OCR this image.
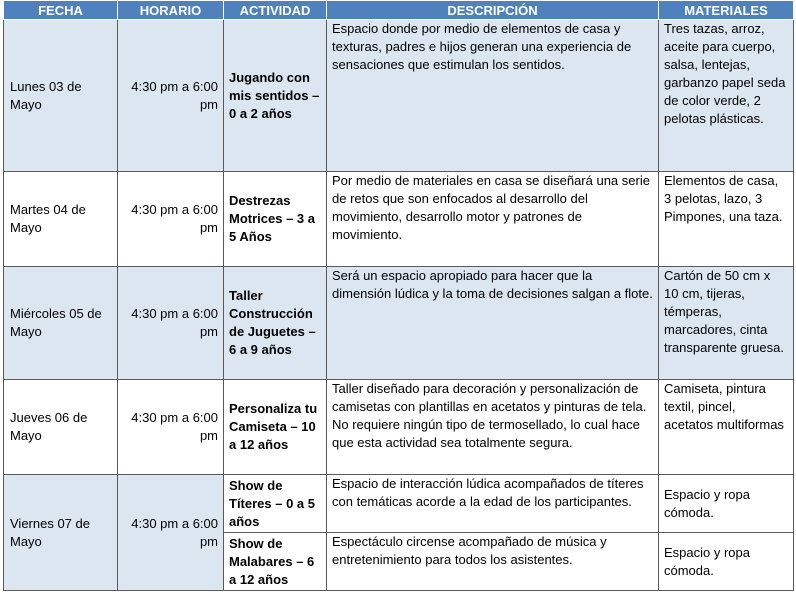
FECHA	HORARIO	ACTIVIDAD	DESCRIPCIÓN	MATERIALES
Lunes 03 de Mayo	4:30 pm a 6:00 pm	Jugando con mis sentidos – 0 a 2 años	Espacio donde por medio de elementos de casa y texturas, padres e hijos generan una experiencia de sensaciones que estimulan los sentidos.	Tres tazas, arroz, aceite para cuerpo, salsa, lentejas, garbanzo papel seda de color verde, 2 pelotas plásticas.
Martes 04 de Mayo	4:30 pm a 6:00 pm	Destrezas Motrices – 3 a 5 Años	Por medio de materiales en casa se diseñará una serie de retos que son enfocados al desarrollo del movimiento, desarrollo motor y patrones de movimiento.	Elementos de casa, 3 pelotas, lazo, 3 Pimpones, una taza.
Miércoles 05 de Mayo	4:30 pm a 6:00 pm	Taller Construcción de Juguetes – 6 a 9 años	Será un espacio apropiado para hacer que la dimensión lúdica y la toma de decisiones salgan a flote.	Cartón de 50 cm x 10 cm, tijeras, témperas, marcadores, cinta transparente gruesa.
Jueves 06 de Mayo	4:30 pm a 6:00 pm	Personaliza tu Camiseta – 10 a 12 años	Taller diseñado para decoración y personalización de camisetas con plantillas en acetatos y pinturas de tela. No requiere ningún tipo de termosellado, lo cual hace que esta actividad sea totalmente segura.	Camiseta, pintura textil, pincel, acetatos multiformas
Viernes 07 de Mayo	4:30 pm a 6:00 pm	Show de Títeres – 0 a 5 años	Espacio de interacción lúdica acompañados de títeres con temáticas acorde a la edad de los participantes.	Espacio y ropa cómoda.
		Show de Malabares – 6 a 12 años	Espectáculo circense acompañado de música y entretenimiento para todos los asistentes.	Espacio y ropa cómoda.
